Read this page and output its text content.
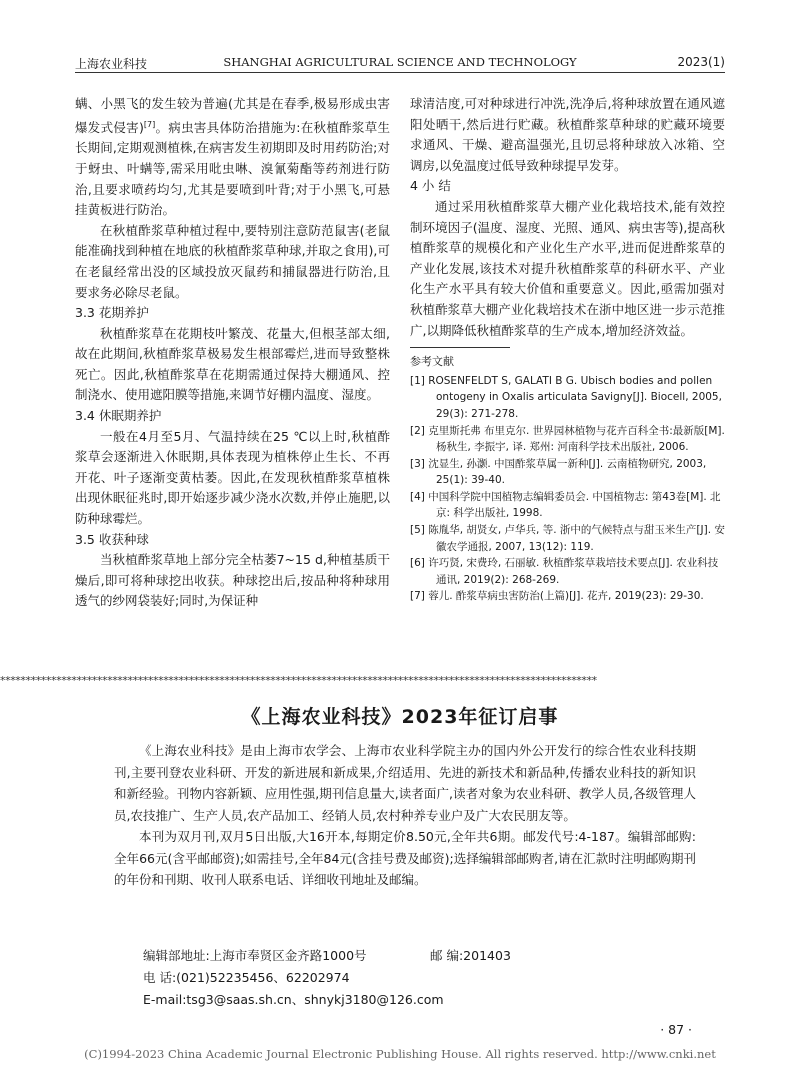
上海农业科技	SHANGHAI AGRICULTURAL SCIENCE AND TECHNOLOGY	2023(1)

螨、小黑飞的发生较为普遍(尤其是在春季,极易形成虫害爆发式侵害)[7]。病虫害具体防治措施为:在秋植酢浆草生长期间,定期观测植株,在病害发生初期即及时用药防治;对于蚜虫、叶螨等,需采用吡虫啉、溴氰菊酯等药剂进行防治,且要求喷药均匀,尤其是要喷到叶背;对于小黑飞,可悬挂黄板进行防治。

在秋植酢浆草种植过程中,要特别注意防范鼠害(老鼠能准确找到种植在地底的秋植酢浆草种球,并取之食用),可在老鼠经常出没的区域投放灭鼠药和捕鼠器进行防治,且要求务必除尽老鼠。

3.3 花期养护

秋植酢浆草在花期枝叶繁茂、花量大,但根茎部太细,故在此期间,秋植酢浆草极易发生根部霉烂,进而导致整株死亡。因此,秋植酢浆草在花期需通过保持大棚通风、控制浇水、使用遮阳膜等措施,来调节好棚内温度、湿度。

3.4 休眠期养护

一般在4月至5月、气温持续在25 ℃以上时,秋植酢浆草会逐渐进入休眠期,具体表现为植株停止生长、不再开花、叶子逐渐变黄枯萎。因此,在发现秋植酢浆草植株出现休眠征兆时,即开始逐步减少浇水次数,并停止施肥,以防种球霉烂。

3.5 收获种球

当秋植酢浆草地上部分完全枯萎7~15 d,种植基质干燥后,即可将种球挖出收获。种球挖出后,按品种将种球用透气的纱网袋装好;同时,为保证种

球清洁度,可对种球进行冲洗,洗净后,将种球放置在通风遮阳处晒干,然后进行贮藏。秋植酢浆草种球的贮藏环境要求通风、干燥、避高温强光,且切忌将种球放入冰箱、空调房,以免温度过低导致种球提早发芽。

4 小 结

通过采用秋植酢浆草大棚产业化栽培技术,能有效控制环境因子(温度、湿度、光照、通风、病虫害等),提高秋植酢浆草的规模化和产业化生产水平,进而促进酢浆草的产业化发展,该技术对提升秋植酢浆草的科研水平、产业化生产水平具有较大价值和重要意义。因此,亟需加强对秋植酢浆草大棚产业化栽培技术在浙中地区进一步示范推广,以期降低秋植酢浆草的生产成本,增加经济效益。

参考文献
[1] ROSENFELDT S, GALATI B G. Ubisch bodies and pollen ontogeny in Oxalis articulata Savigny[J]. Biocell, 2005, 29(3): 271-278.
[2] 克里斯托弗 布里克尔. 世界园林植物与花卉百科全书:最新版[M]. 杨秋生, 李振宇, 译. 郑州: 河南科学技术出版社, 2006.
[3] 沈显生, 孙灏. 中国酢浆草属一新种[J]. 云南植物研究, 2003, 25(1): 39-40.
[4] 中国科学院中国植物志编辑委员会. 中国植物志: 第43卷[M]. 北京: 科学出版社, 1998.
[5] 陈胤华, 胡贤女, 卢华兵, 等. 浙中的气候特点与甜玉米生产[J]. 安徽农学通报, 2007, 13(12): 119.
[6] 许巧贤, 宋费玲, 石丽敏. 秋植酢浆草栽培技术要点[J]. 农业科技通讯, 2019(2): 268-269.
[7] 蓉儿. 酢浆草病虫害防治(上篇)[J]. 花卉, 2019(23): 29-30.
*********************************************************************************************************************
《上海农业科技》2023年征订启事

《上海农业科技》是由上海市农学会、上海市农业科学院主办的国内外公开发行的综合性农业科技期刊,主要刊登农业科研、开发的新进展和新成果,介绍适用、先进的新技术和新品种,传播农业科技的新知识和新经验。刊物内容新颖、应用性强,期刊信息量大,读者面广,读者对象为农业科研、教学人员,各级管理人员,农技推广、生产人员,农产品加工、经销人员,农村种养专业户及广大农民朋友等。

本刊为双月刊,双月5日出版,大16开本,每期定价8.50元,全年共6期。邮发代号:4-187。编辑部邮购:全年66元(含平邮邮资);如需挂号,全年84元(含挂号费及邮资);选择编辑部邮购者,请在汇款时注明邮购期刊的年份和刊期、收刊人联系电话、详细收刊地址及邮编。

编辑部地址:上海市奉贤区金齐路1000号	邮 编:201403
电 话:(021)52235456、62202974
E-mail:tsg3@saas.sh.cn、shnykj3180@126.com
· 87 ·
(C)1994-2023 China Academic Journal Electronic Publishing House. All rights reserved. http://www.cnki.net
